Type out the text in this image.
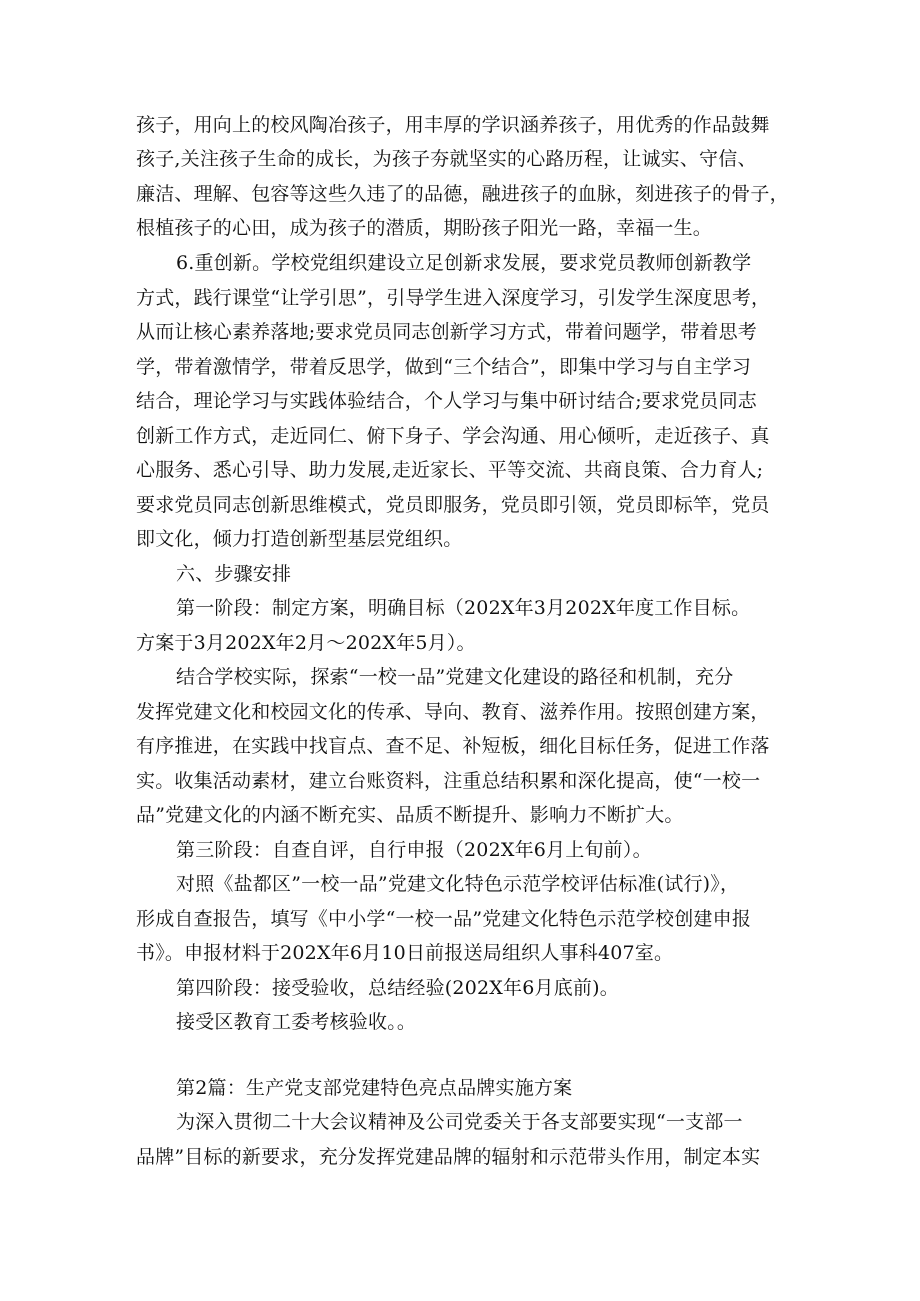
孩子，用向上的校风陶冶孩子，用丰厚的学识涵养孩子，用优秀的作品鼓舞
孩子,关注孩子生命的成长，为孩子夯就坚实的心路历程，让诚实、守信、
廉洁、理解、包容等这些久违了的品德，融进孩子的血脉，刻进孩子的骨子，
根植孩子的心田，成为孩子的潜质，期盼孩子阳光一路，幸福一生。
6.重创新。学校党组织建设立足创新求发展，要求党员教师创新教学
方式，践行课堂“让学引思”，引导学生进入深度学习，引发学生深度思考，
从而让核心素养落地;要求党员同志创新学习方式，带着问题学，带着思考
学，带着激情学，带着反思学，做到“三个结合”，即集中学习与自主学习
结合，理论学习与实践体验结合，个人学习与集中研讨结合;要求党员同志
创新工作方式，走近同仁、俯下身子、学会沟通、用心倾听，走近孩子、真
心服务、悉心引导、助力发展,走近家长、平等交流、共商良策、合力育人;
要求党员同志创新思维模式，党员即服务，党员即引领，党员即标竿，党员
即文化，倾力打造创新型基层党组织。
六、步骤安排
第一阶段：制定方案，明确目标（202X年3月202X年度工作目标。
方案于3月202X年2月～202X年5月）。
结合学校实际，探索“一校一品”党建文化建设的路径和机制，充分
发挥党建文化和校园文化的传承、导向、教育、滋养作用。按照创建方案，
有序推进，在实践中找盲点、查不足、补短板，细化目标任务，促进工作落
实。收集活动素材，建立台账资料，注重总结积累和深化提高，使“一校一
品”党建文化的内涵不断充实、品质不断提升、影响力不断扩大。
第三阶段：自查自评，自行申报（202X年6月上旬前）。
对照《盐都区”一校一品”党建文化特色示范学校评估标准(试行)》，
形成自查报告，填写《中小学“一校一品”党建文化特色示范学校创建申报
书》。申报材料于202X年6月10日前报送局组织人事科407室。
第四阶段：接受验收，总结经验(202X年6月底前)。
接受区教育工委考核验收。。
第2篇：生产党支部党建特色亮点品牌实施方案
为深入贯彻二十大会议精神及公司党委关于各支部要实现“一支部一
品牌”目标的新要求，充分发挥党建品牌的辐射和示范带头作用，制定本实
